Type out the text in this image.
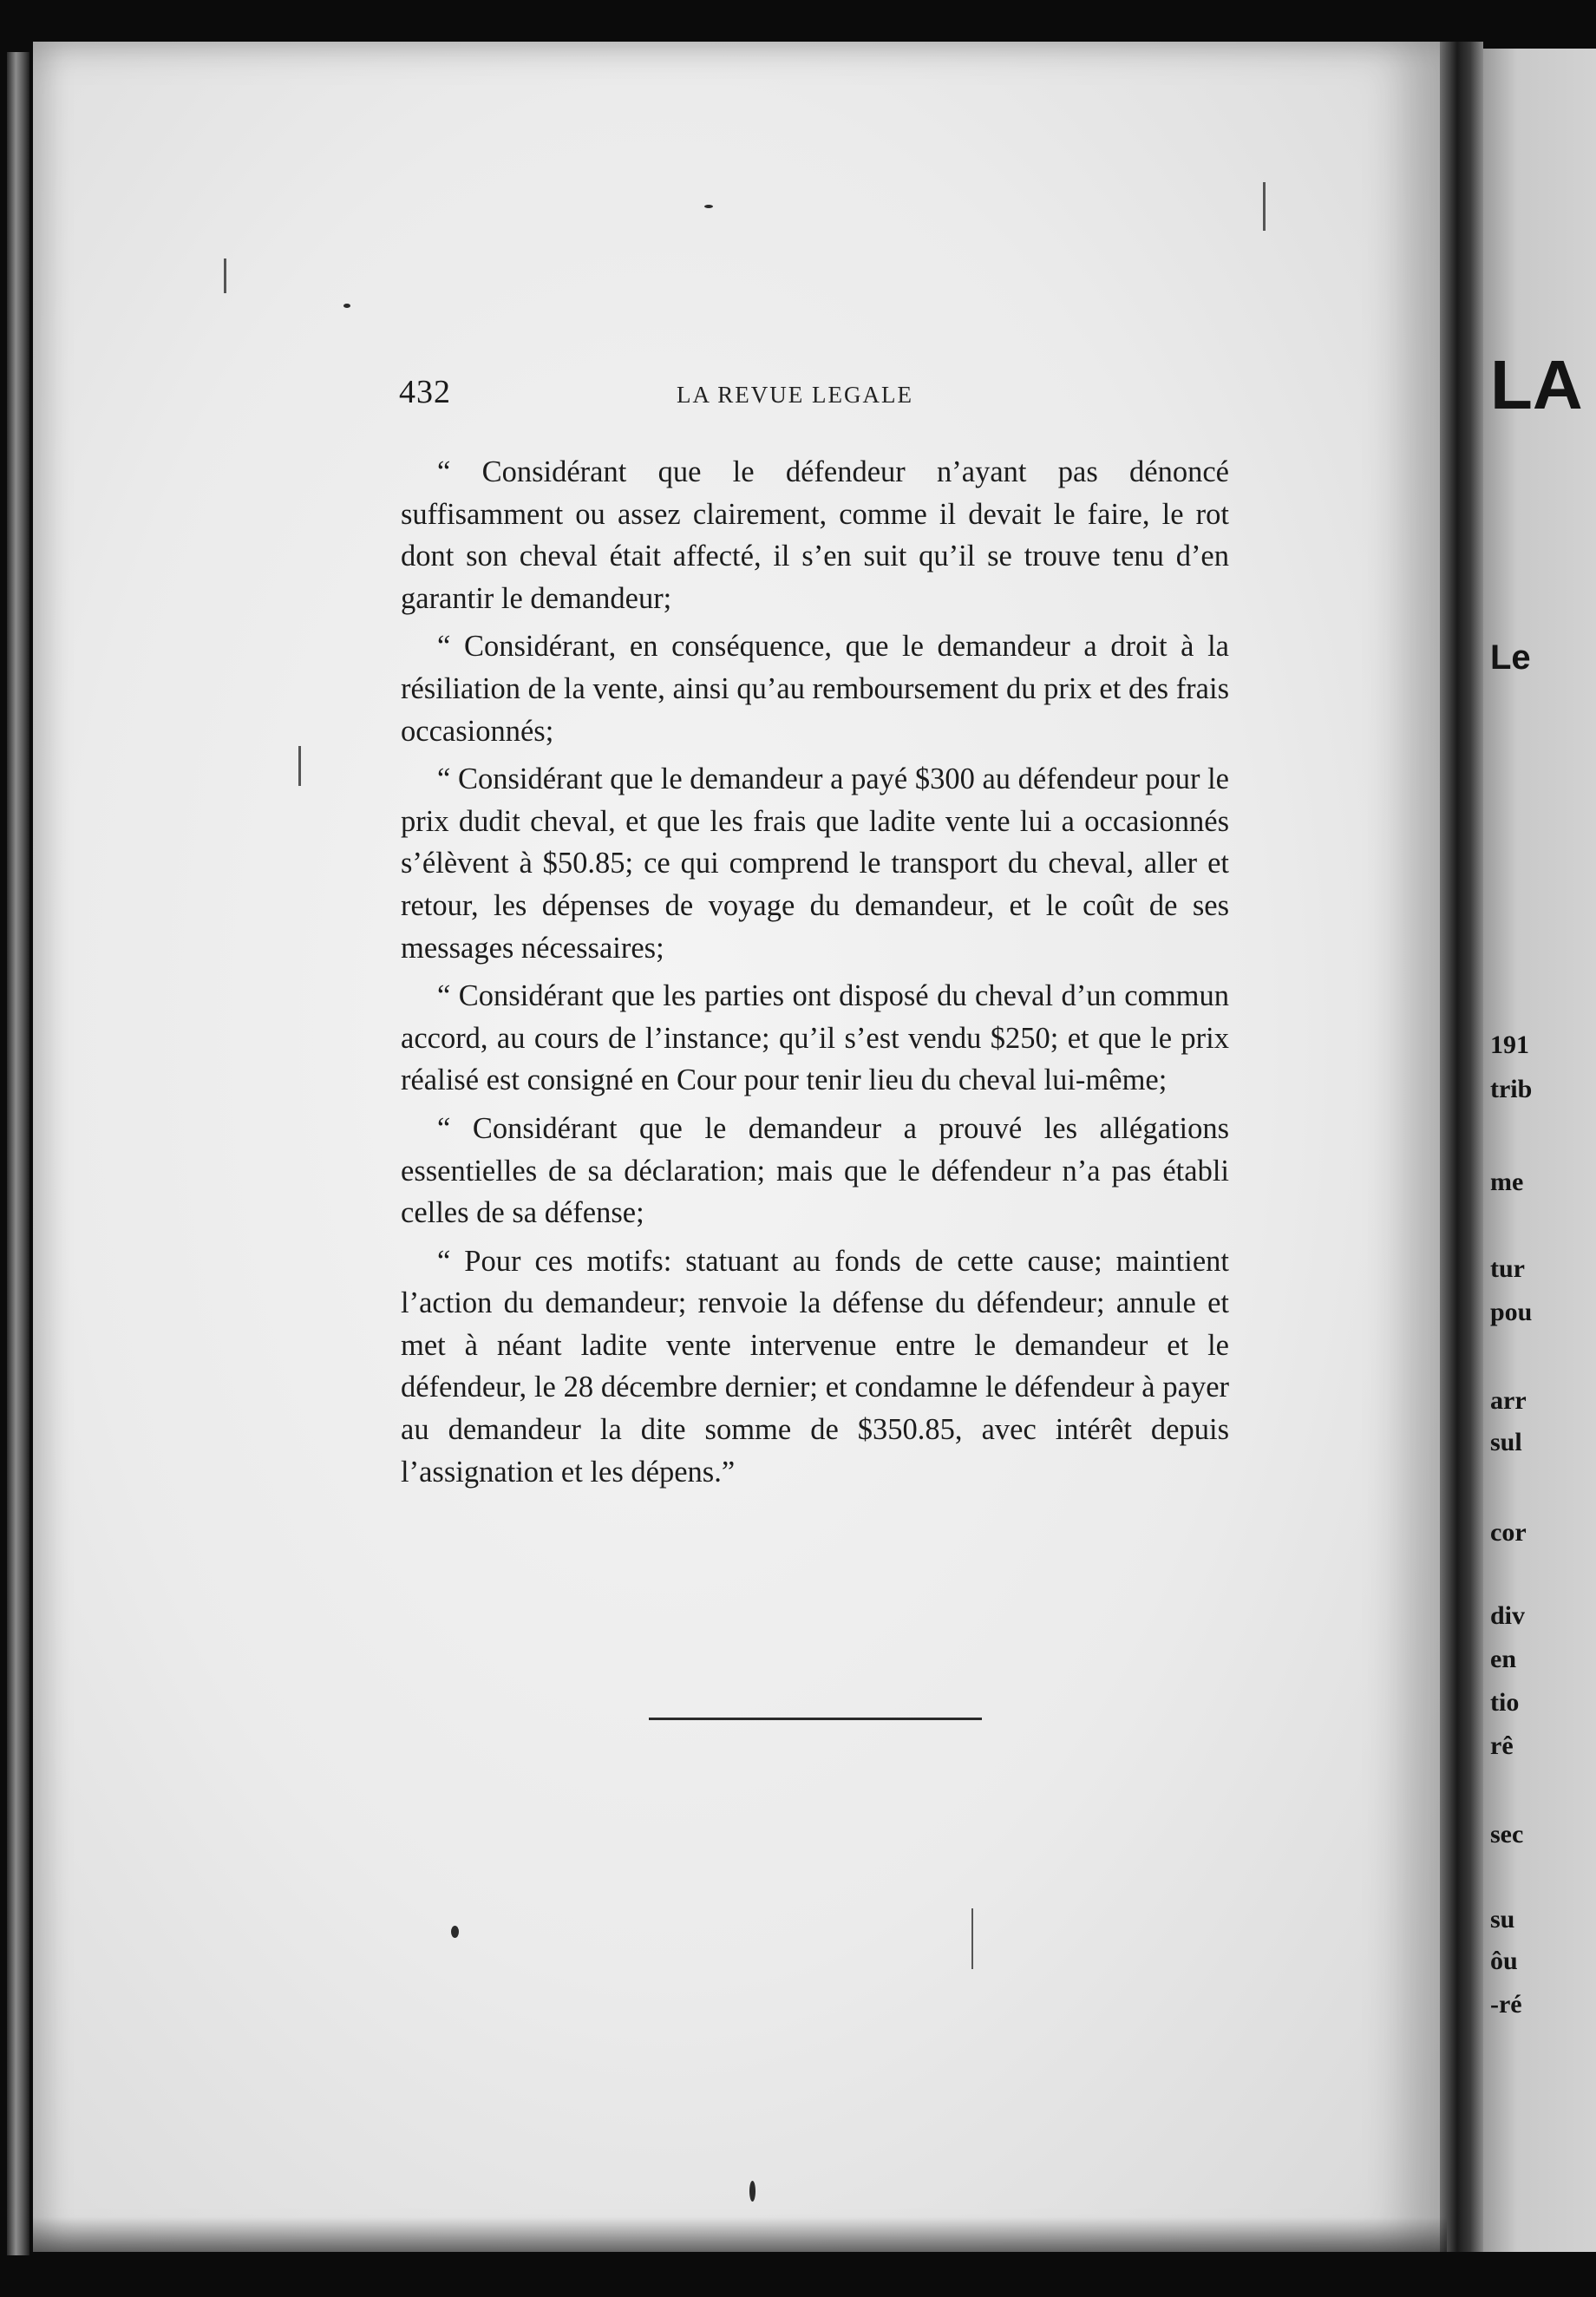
LA
Le
191
trib
me
tur
pou
arr
sul
cor
div
en
tio
rê
sec
su
ôu
-ré
432	LA REVUE LEGALE

“ Considérant que le défendeur n’ayant pas dénoncé suffisamment ou assez clairement, comme il devait le faire, le rot dont son cheval était affecté, il s’en suit qu’il se trouve tenu d’en garantir le demandeur;

“ Considérant, en conséquence, que le demandeur a droit à la résiliation de la vente, ainsi qu’au remboursement du prix et des frais occasionnés;

“ Considérant que le demandeur a payé $300 au défendeur pour le prix dudit cheval, et que les frais que ladite vente lui a occasionnés s’élèvent à $50.85; ce qui comprend le transport du cheval, aller et retour, les dépenses de voyage du demandeur, et le coût de ses messages nécessaires;

“ Considérant que les parties ont disposé du cheval d’un commun accord, au cours de l’instance; qu’il s’est vendu $250; et que le prix réalisé est consigné en Cour pour tenir lieu du cheval lui-même;

“ Considérant que le demandeur a prouvé les allégations essentielles de sa déclaration; mais que le défendeur n’a pas établi celles de sa défense;

“ Pour ces motifs: statuant au fonds de cette cause; maintient l’action du demandeur; renvoie la défense du défendeur; annule et met à néant ladite vente intervenue entre le demandeur et le défendeur, le 28 décembre dernier; et condamne le défendeur à payer au demandeur la dite somme de $350.85, avec intérêt depuis l’assignation et les dépens.”
